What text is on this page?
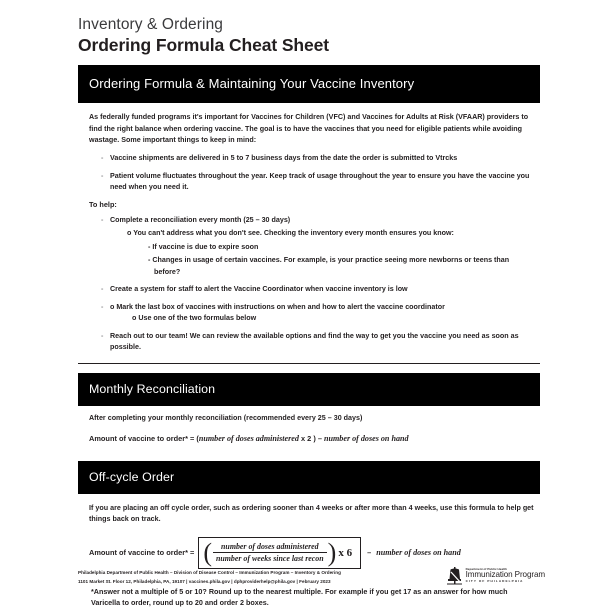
Inventory & Ordering
Ordering Formula Cheat Sheet
Ordering Formula & Maintaining Your Vaccine Inventory

As federally funded programs it's important for Vaccines for Children (VFC) and Vaccines for Adults at Risk (VFAAR) providers to find the right balance when ordering vaccine. The goal is to have the vaccines that you need for eligible patients while avoiding wastage. Some important things to keep in mind:

- Vaccine shipments are delivered in 5 to 7 business days from the date the order is submitted to Vtrcks
- Patient volume fluctuates throughout the year. Keep track of usage throughout the year to ensure you have the vaccine you need when you need it.
To help:
- Complete a reconciliation every month (25 – 30 days)
o You can't address what you don't see. Checking the inventory every month ensures you know:
- If vaccine is due to expire soon
- Changes in usage of certain vaccines. For example, is your practice seeing more newborns or teens than before?
- Create a system for staff to alert the Vaccine Coordinator when vaccine inventory is low
- o Mark the last box of vaccines with instructions on when and how to alert the vaccine coordinator
o Use one of the two formulas below
- Reach out to our team! We can review the available options and find the way to get you the vaccine you need as soon as possible.
Monthly Reconciliation

After completing your monthly reconciliation (recommended every 25 – 30 days)

Amount of vaccine to order* = (number of doses administered x 2 ) – number of doses on hand
Off-cycle Order

If you are placing an off cycle order, such as ordering sooner than 4 weeks or after more than 4 weeks, use this formula to help get things back on track.

Amount of vaccine to order* = ( $\frac{\text{number of doses administered}}{\text{number of weeks since last recon}}$ ) x 6 – number of doses on hand

*Answer not a multiple of 5 or 10? Round up to the nearest multiple. For example if you get 17 as an answer for how much Varicella to order, round up to 20 and order 2 boxes.

Philadelphia Department of Public Health – Division of Disease Control – Immunization Program – Inventory & Ordering
1101 Market St. Floor 12, Philadelphia, PA, 19107 | vaccines.phila.gov | dphproviderhelp@phila.gov | February 2023
Department of Public Health
Immunization Program
CITY OF PHILADELPHIA
